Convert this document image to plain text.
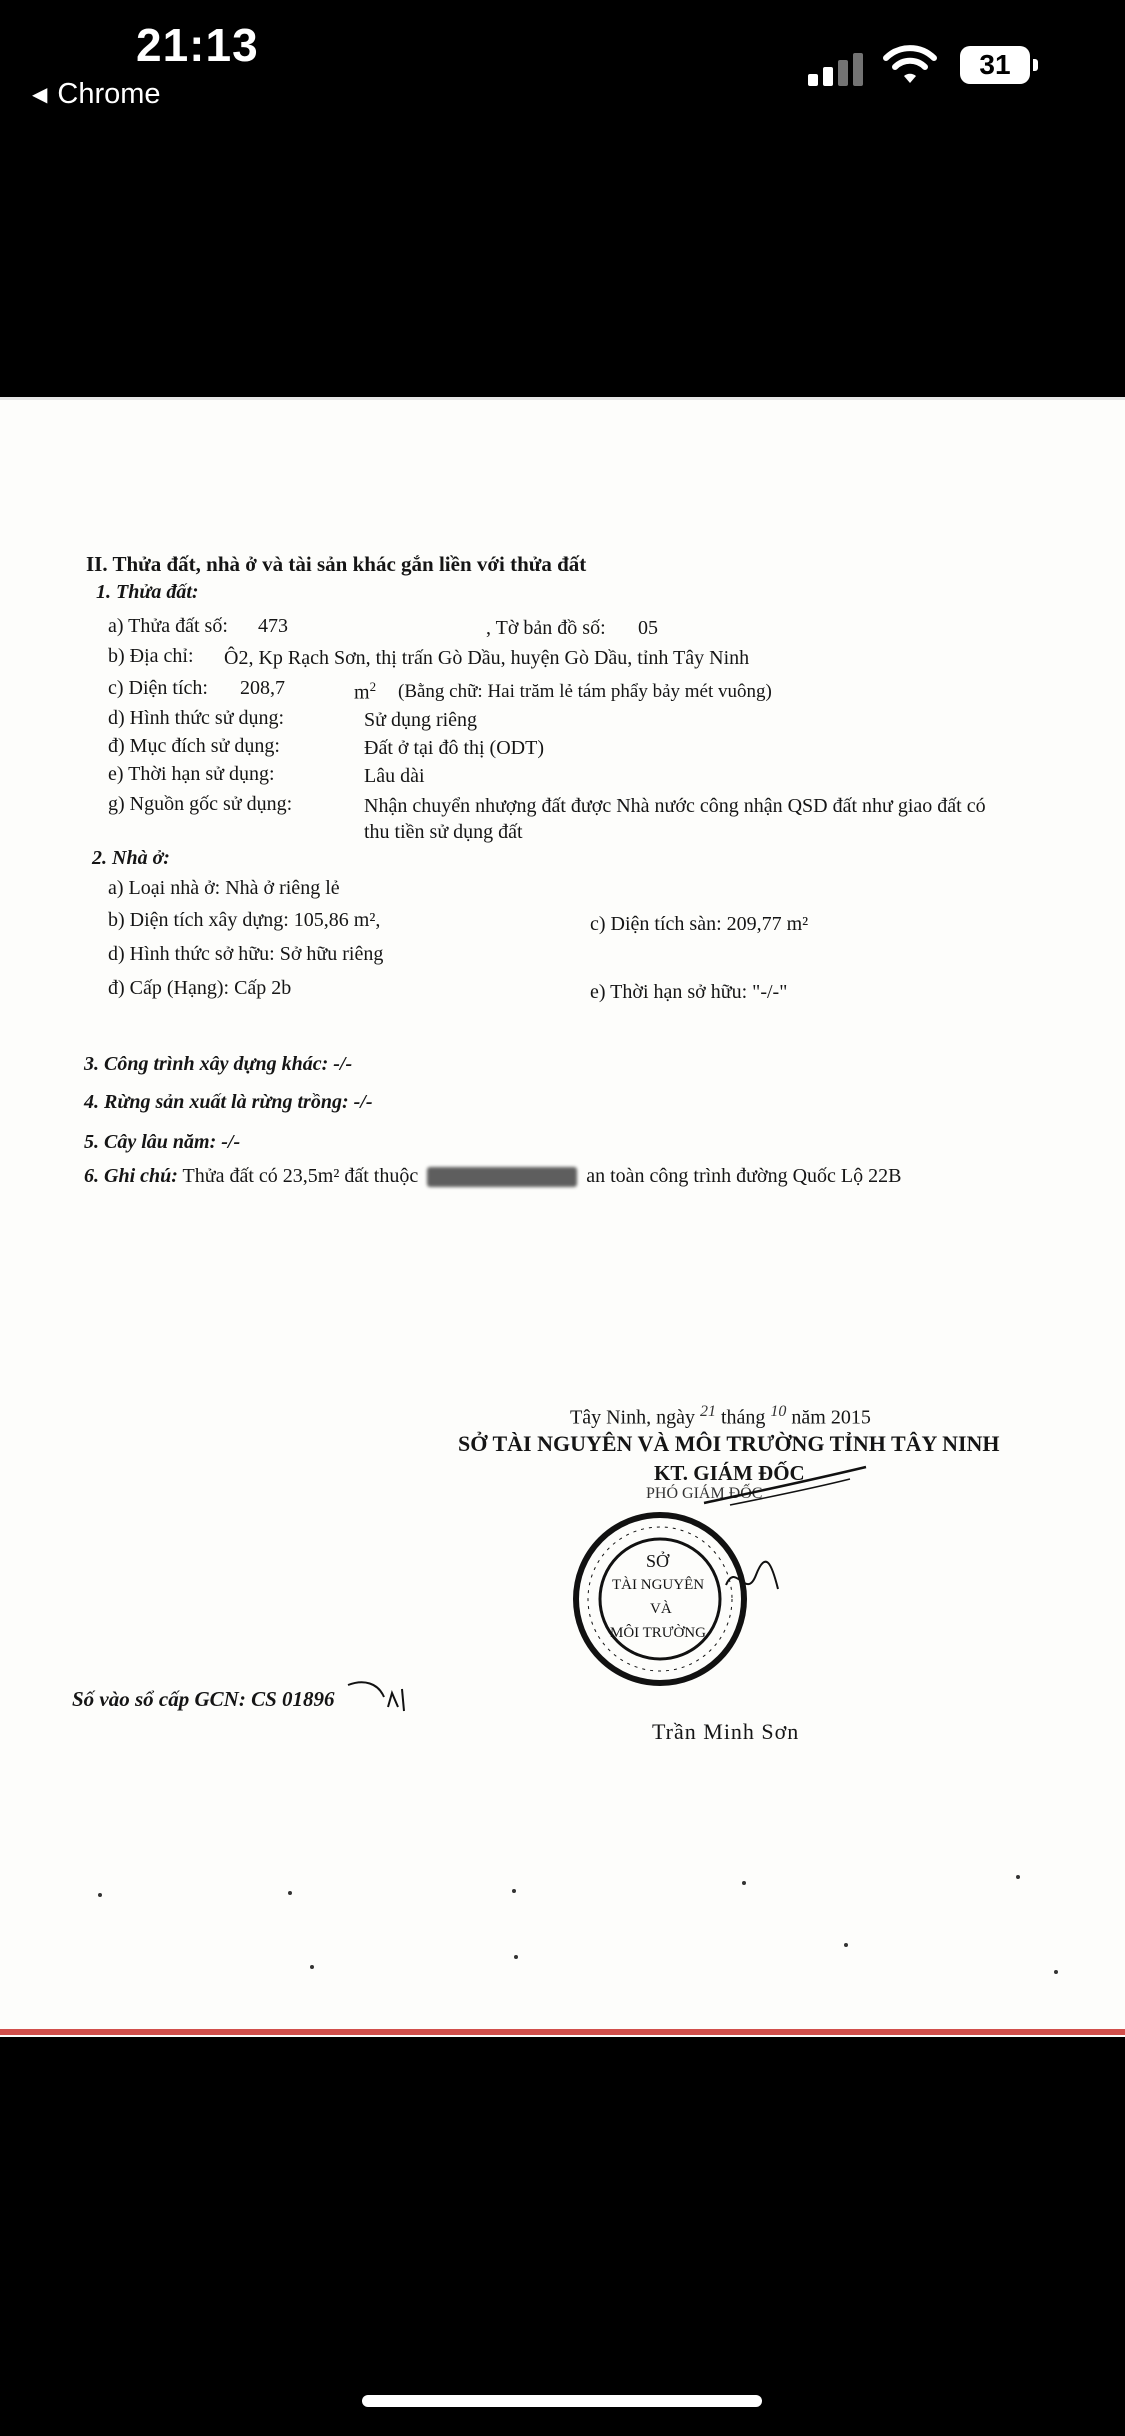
21:13
◀ Chrome
31
II. Thửa đất, nhà ở và tài sản khác gắn liền với thửa đất
1. Thửa đất:
a) Thửa đất số: 473	, Tờ bản đồ số: 05
b) Địa chỉ: Ô2, Kp Rạch Sơn, thị trấn Gò Dầu, huyện Gò Dầu, tỉnh Tây Ninh
c) Diện tích: 208,7	$m^2$ (Bằng chữ: Hai trăm lẻ tám phẩy bảy mét vuông)
d) Hình thức sử dụng:	Sử dụng riêng
đ) Mục đích sử dụng:	Đất ở tại đô thị (ODT)
e) Thời hạn sử dụng:	Lâu dài
g) Nguồn gốc sử dụng:	Nhận chuyển nhượng đất được Nhà nước công nhận QSD đất như giao đất có
thu tiền sử dụng đất
2. Nhà ở:
a) Loại nhà ở: Nhà ở riêng lẻ
b) Diện tích xây dựng: 105,86 m²,	c) Diện tích sàn: 209,77 m²
d) Hình thức sở hữu: Sở hữu riêng
đ) Cấp (Hạng): Cấp 2b	e) Thời hạn sở hữu: "-/-"
3. Công trình xây dựng khác: -/-
4. Rừng sản xuất là rừng trồng: -/-
5. Cây lâu năm: -/-
6. Ghi chú: Thửa đất có 23,5m² đất thuộc	an toàn công trình đường Quốc Lộ 22B
Tây Ninh, ngày $^{21}$ tháng $^{10}$ năm 2015
SỞ TÀI NGUYÊN VÀ MÔI TRƯỜNG TỈNH TÂY NINH
KT. GIÁM ĐỐC
PHÓ GIÁM ĐỐC
SỞ
TÀI NGUYÊN
VÀ
MÔI TRƯỜNG
Trần Minh Sơn
Số vào sổ cấp GCN: CS 01896
